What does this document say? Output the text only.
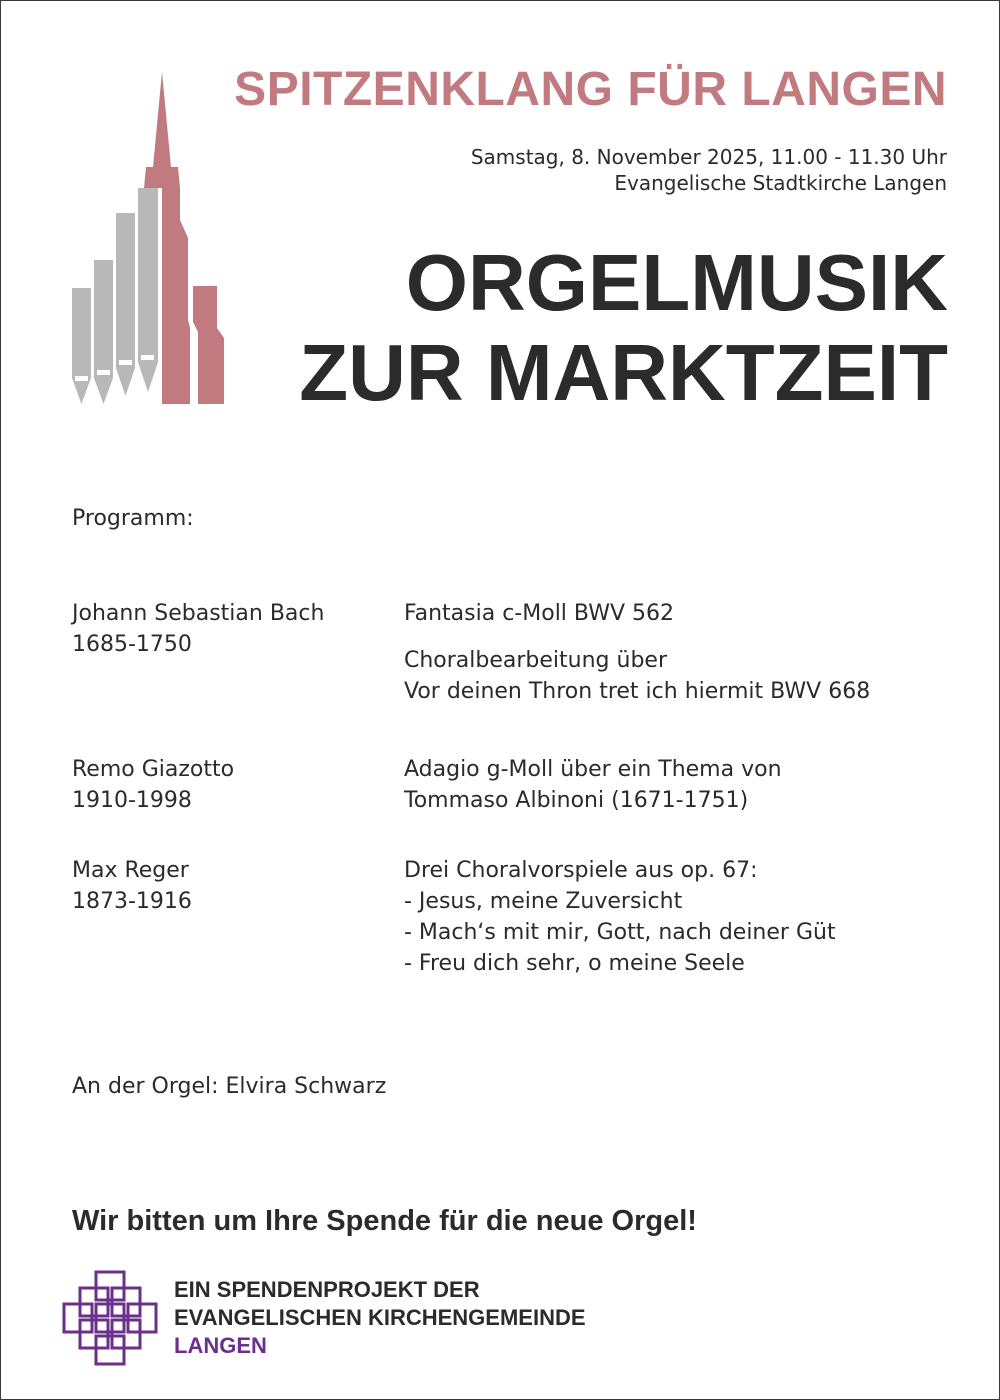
SPITZENKLANG FÜR LANGEN
Samstag, 8. November 2025, 11.00 - 11.30 Uhr
Evangelische Stadtkirche Langen
ORGELMUSIK
ZUR MARKTZEIT
Programm:
Johann Sebastian Bach
1685-1750
Fantasia c-Moll BWV 562
Choralbearbeitung über
Vor deinen Thron tret ich hiermit BWV 668
Remo Giazotto
1910-1998
Adagio g-Moll über ein Thema von
Tommaso Albinoni (1671-1751)
Max Reger
1873-1916
Drei Choralvorspiele aus op. 67:
- Jesus, meine Zuversicht
- Mach‘s mit mir, Gott, nach deiner Güt
- Freu dich sehr, o meine Seele
An der Orgel: Elvira Schwarz
Wir bitten um Ihre Spende für die neue Orgel!
EIN SPENDENPROJEKT DER
EVANGELISCHEN KIRCHENGEMEINDE
LANGEN
